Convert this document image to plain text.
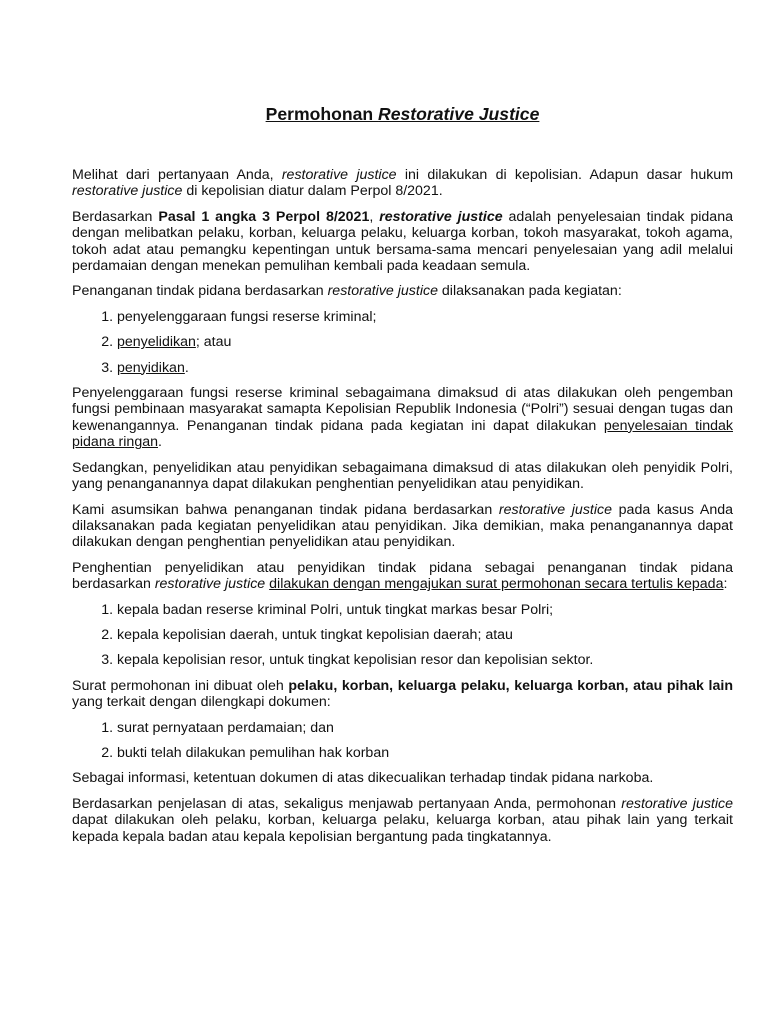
Permohonan Restorative Justice

Melihat dari pertanyaan Anda, restorative justice ini dilakukan di kepolisian. Adapun dasar hukum restorative justice di kepolisian diatur dalam Perpol 8/2021.

Berdasarkan Pasal 1 angka 3 Perpol 8/2021, restorative justice adalah penyelesaian tindak pidana dengan melibatkan pelaku, korban, keluarga pelaku, keluarga korban, tokoh masyarakat, tokoh agama, tokoh adat atau pemangku kepentingan untuk bersama-sama mencari penyelesaian yang adil melalui perdamaian dengan menekan pemulihan kembali pada keadaan semula.

Penanganan tindak pidana berdasarkan restorative justice dilaksanakan pada kegiatan:

1. penyelenggaraan fungsi reserse kriminal;
2. penyelidikan; atau
3. penyidikan.

Penyelenggaraan fungsi reserse kriminal sebagaimana dimaksud di atas dilakukan oleh pengemban fungsi pembinaan masyarakat samapta Kepolisian Republik Indonesia (“Polri”) sesuai dengan tugas dan kewenangannya. Penanganan tindak pidana pada kegiatan ini dapat dilakukan penyelesaian tindak pidana ringan.

Sedangkan, penyelidikan atau penyidikan sebagaimana dimaksud di atas dilakukan oleh penyidik Polri, yang penanganannya dapat dilakukan penghentian penyelidikan atau penyidikan.

Kami asumsikan bahwa penanganan tindak pidana berdasarkan restorative justice pada kasus Anda dilaksanakan pada kegiatan penyelidikan atau penyidikan. Jika demikian, maka penanganannya dapat dilakukan dengan penghentian penyelidikan atau penyidikan.

Penghentian penyelidikan atau penyidikan tindak pidana sebagai penanganan tindak pidana berdasarkan restorative justice dilakukan dengan mengajukan surat permohonan secara tertulis kepada:

1. kepala badan reserse kriminal Polri, untuk tingkat markas besar Polri;
2. kepala kepolisian daerah, untuk tingkat kepolisian daerah; atau
3. kepala kepolisian resor, untuk tingkat kepolisian resor dan kepolisian sektor.

Surat permohonan ini dibuat oleh pelaku, korban, keluarga pelaku, keluarga korban, atau pihak lain yang terkait dengan dilengkapi dokumen:

1. surat pernyataan perdamaian; dan
2. bukti telah dilakukan pemulihan hak korban

Sebagai informasi, ketentuan dokumen di atas dikecualikan terhadap tindak pidana narkoba.

Berdasarkan penjelasan di atas, sekaligus menjawab pertanyaan Anda, permohonan restorative justice dapat dilakukan oleh pelaku, korban, keluarga pelaku, keluarga korban, atau pihak lain yang terkait kepada kepala badan atau kepala kepolisian bergantung pada tingkatannya.
